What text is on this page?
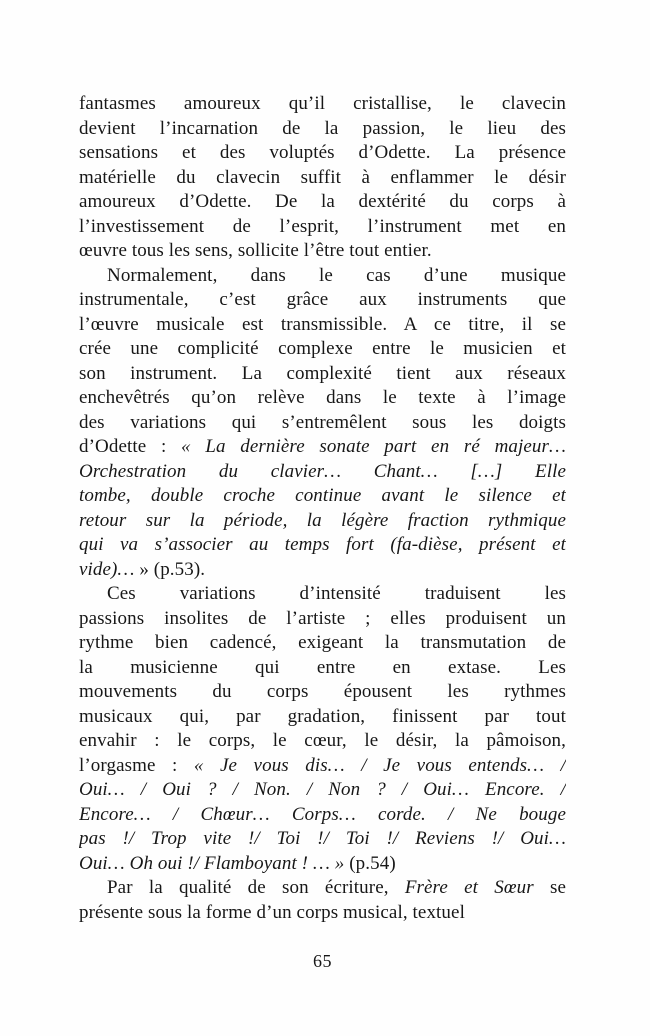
fantasmes amoureux qu’il cristallise, le clavecin
devient l’incarnation de la passion, le lieu des
sensations et des voluptés d’Odette. La présence
matérielle du clavecin suffit à enflammer le désir
amoureux d’Odette. De la dextérité du corps à
l’investissement de l’esprit, l’instrument met en
œuvre tous les sens, sollicite l’être tout entier.
Normalement, dans le cas d’une musique
instrumentale, c’est grâce aux instruments que
l’œuvre musicale est transmissible. A ce titre, il se
crée une complicité complexe entre le musicien et
son instrument. La complexité tient aux réseaux
enchevêtrés qu’on relève dans le texte à l’image
des variations qui s’entremêlent sous les doigts
d’Odette : « La dernière sonate part en ré majeur…
Orchestration du clavier… Chant… […] Elle
tombe, double croche continue avant le silence et
retour sur la période, la légère fraction rythmique
qui va s’associer au temps fort (fa-dièse, présent et
vide)… » (p.53).
Ces variations d’intensité traduisent les
passions insolites de l’artiste ; elles produisent un
rythme bien cadencé, exigeant la transmutation de
la musicienne qui entre en extase. Les
mouvements du corps épousent les rythmes
musicaux qui, par gradation, finissent par tout
envahir : le corps, le cœur, le désir, la pâmoison,
l’orgasme : « Je vous dis… / Je vous entends… /
Oui… / Oui ? / Non. / Non ? / Oui… Encore. /
Encore… / Chœur… Corps… corde. / Ne bouge
pas !/ Trop vite !/ Toi !/ Toi !/ Reviens !/ Oui…
Oui… Oh oui !/ Flamboyant ! … » (p.54)
Par la qualité de son écriture, Frère et Sœur se
présente sous la forme d’un corps musical, textuel
65
